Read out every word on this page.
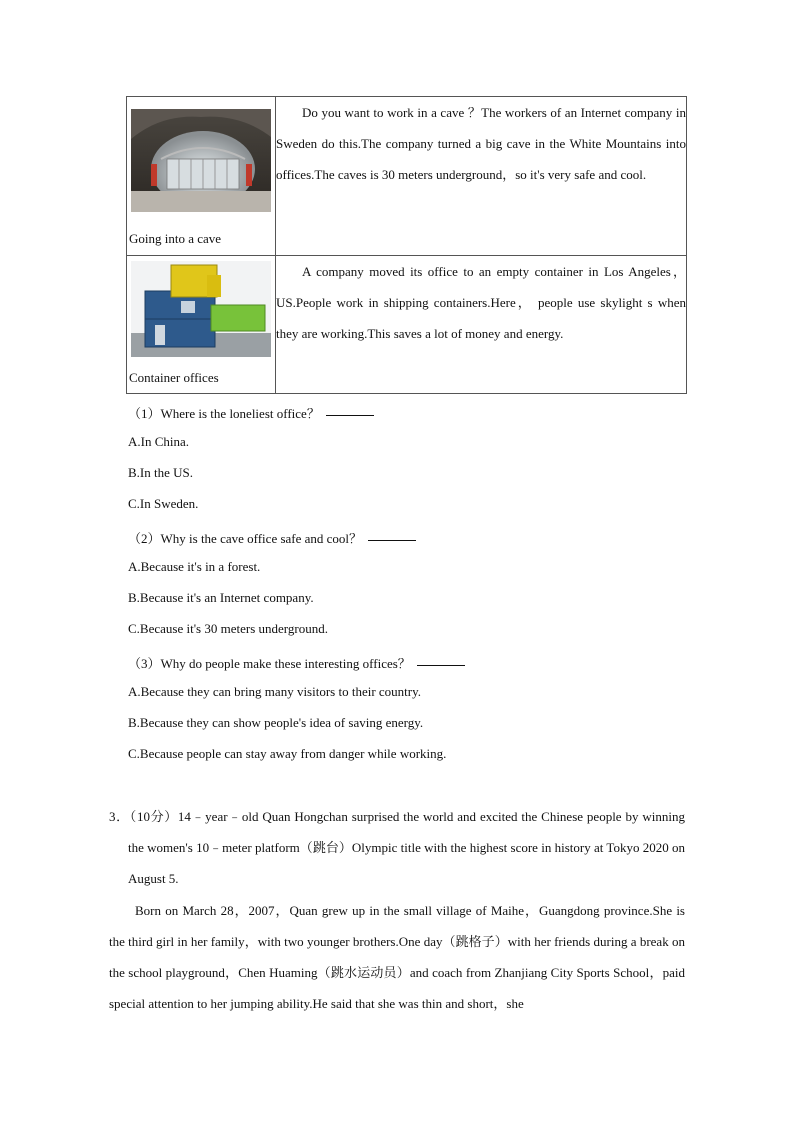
Going into a cave	Do you want to work in a cave ？The workers of an Internet company in Sweden do this.The company turned a big cave in the White Mountains into offices.The caves is 30 meters underground，so it's very safe and cool.

Container offices	A company moved its office to an empty container in Los Angeles，US.People work in shipping containers.Here， people use skylight s when they are working.This saves a lot of money and energy.

（1）Where is the loneliest office？
A.In China.
B.In the US.
C.In Sweden.
（2）Why is the cave office safe and cool？
A.Because it's in a forest.
B.Because it's an Internet company.
C.Because it's 30 meters underground.
（3）Why do people make these interesting offices？
A.Because they can bring many visitors to their country.
B.Because they can show people's idea of saving energy.
C.Because people can stay away from danger while working.

3．（10分）14﹣year﹣old Quan Hongchan surprised the world and excited the Chinese people by winning the women's 10﹣meter platform（跳台）Olympic title with the highest score in history at Tokyo 2020 on August 5.

Born on March 28，2007，Quan grew up in the small village of Maihe，Guangdong province.She is the third girl in her family，with two younger brothers.One day（跳格子）with her friends during a break on the school playground，Chen Huaming（跳水运动员）and coach from Zhanjiang City Sports School，paid special attention to her jumping ability.He said that she was thin and short，she
